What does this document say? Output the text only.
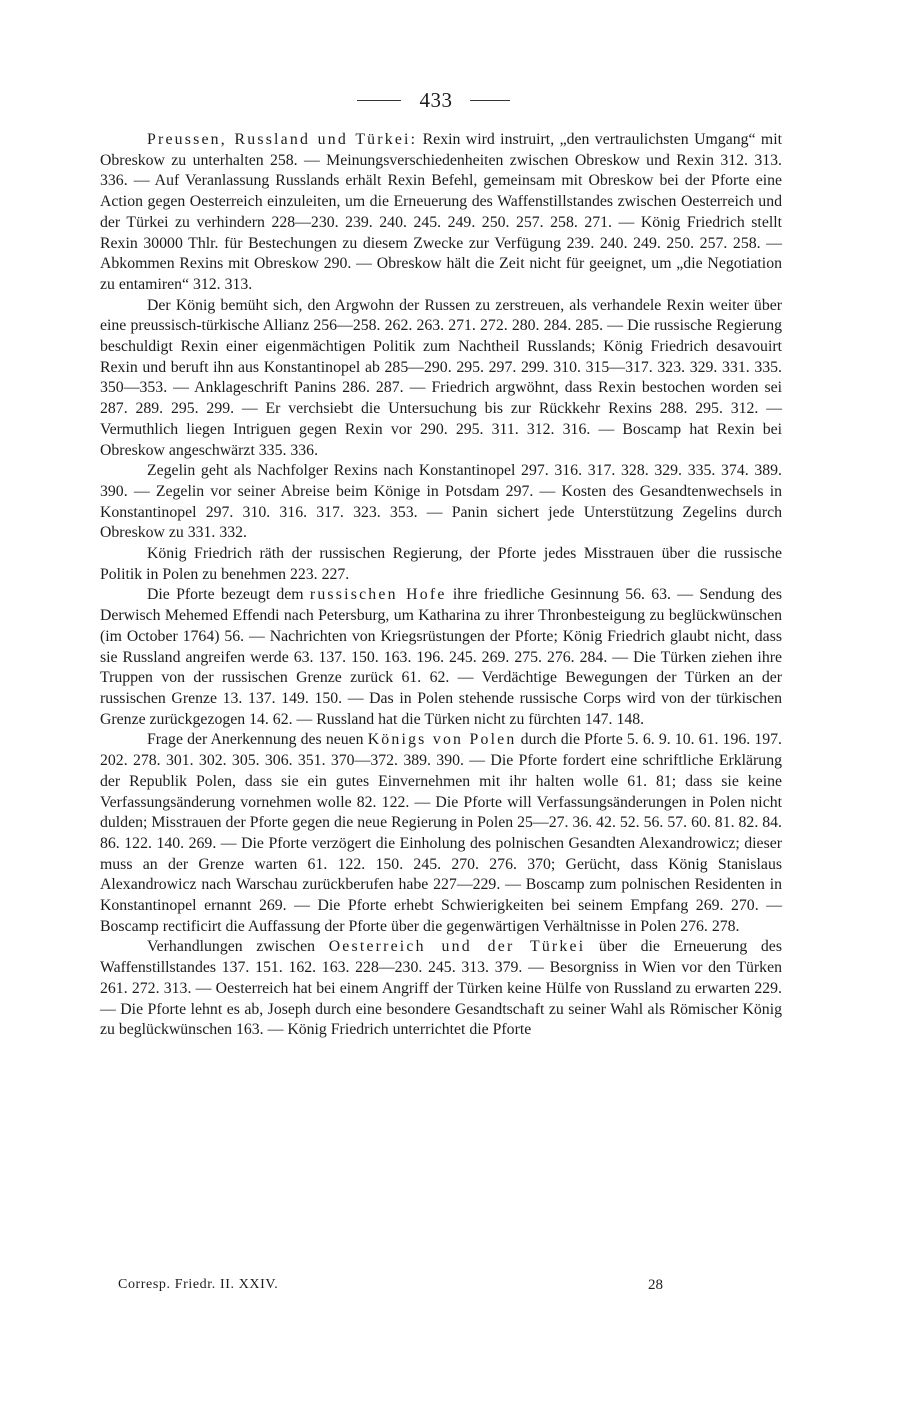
433

Preussen, Russland und Türkei: Rexin wird instruirt, „den vertraulichsten Umgang“ mit Obreskow zu unterhalten 258. — Meinungsverschiedenheiten zwischen Obreskow und Rexin 312. 313. 336. — Auf Veranlassung Russlands erhält Rexin Befehl, gemeinsam mit Obreskow bei der Pforte eine Action gegen Oesterreich einzuleiten, um die Erneuerung des Waffenstillstandes zwischen Oesterreich und der Türkei zu verhindern 228—230. 239. 240. 245. 249. 250. 257. 258. 271. — König Friedrich stellt Rexin 30000 Thlr. für Bestechungen zu diesem Zwecke zur Verfügung 239. 240. 249. 250. 257. 258. — Abkommen Rexins mit Obreskow 290. — Obreskow hält die Zeit nicht für geeignet, um „die Negotiation zu entamiren“ 312. 313.

Der König bemüht sich, den Argwohn der Russen zu zerstreuen, als verhandele Rexin weiter über eine preussisch-türkische Allianz 256—258. 262. 263. 271. 272. 280. 284. 285. — Die russische Regierung beschuldigt Rexin einer eigenmächtigen Politik zum Nachtheil Russlands; König Friedrich desavouirt Rexin und beruft ihn aus Konstantinopel ab 285—290. 295. 297. 299. 310. 315—317. 323. 329. 331. 335. 350—353. — Anklageschrift Panins 286. 287. — Friedrich argwöhnt, dass Rexin bestochen worden sei 287. 289. 295. 299. — Er verchsiebt die Untersuchung bis zur Rückkehr Rexins 288. 295. 312. — Vermuthlich liegen Intriguen gegen Rexin vor 290. 295. 311. 312. 316. — Boscamp hat Rexin bei Obreskow angeschwärzt 335. 336.

Zegelin geht als Nachfolger Rexins nach Konstantinopel 297. 316. 317. 328. 329. 335. 374. 389. 390. — Zegelin vor seiner Abreise beim Könige in Potsdam 297. — Kosten des Gesandtenwechsels in Konstantinopel 297. 310. 316. 317. 323. 353. — Panin sichert jede Unterstützung Zegelins durch Obreskow zu 331. 332.

König Friedrich räth der russischen Regierung, der Pforte jedes Misstrauen über die russische Politik in Polen zu benehmen 223. 227.

Die Pforte bezeugt dem russischen Hofe ihre friedliche Gesinnung 56. 63. — Sendung des Derwisch Mehemed Effendi nach Petersburg, um Katharina zu ihrer Thronbesteigung zu beglückwünschen (im October 1764) 56. — Nachrichten von Kriegsrüstungen der Pforte; König Friedrich glaubt nicht, dass sie Russland angreifen werde 63. 137. 150. 163. 196. 245. 269. 275. 276. 284. — Die Türken ziehen ihre Truppen von der russischen Grenze zurück 61. 62. — Verdächtige Bewegungen der Türken an der russischen Grenze 13. 137. 149. 150. — Das in Polen stehende russische Corps wird von der türkischen Grenze zurückgezogen 14. 62. — Russland hat die Türken nicht zu fürchten 147. 148.

Frage der Anerkennung des neuen Königs von Polen durch die Pforte 5. 6. 9. 10. 61. 196. 197. 202. 278. 301. 302. 305. 306. 351. 370—372. 389. 390. — Die Pforte fordert eine schriftliche Erklärung der Republik Polen, dass sie ein gutes Einvernehmen mit ihr halten wolle 61. 81; dass sie keine Verfassungsänderung vornehmen wolle 82. 122. — Die Pforte will Verfassungsänderungen in Polen nicht dulden; Misstrauen der Pforte gegen die neue Regierung in Polen 25—27. 36. 42. 52. 56. 57. 60. 81. 82. 84. 86. 122. 140. 269. — Die Pforte verzögert die Einholung des polnischen Gesandten Alexandrowicz; dieser muss an der Grenze warten 61. 122. 150. 245. 270. 276. 370; Gerücht, dass König Stanislaus Alexandrowicz nach Warschau zurückberufen habe 227—229. — Boscamp zum polnischen Residenten in Konstantinopel ernannt 269. — Die Pforte erhebt Schwierigkeiten bei seinem Empfang 269. 270. — Boscamp rectificirt die Auffassung der Pforte über die gegenwärtigen Verhältnisse in Polen 276. 278.

Verhandlungen zwischen Oesterreich und der Türkei über die Erneuerung des Waffenstillstandes 137. 151. 162. 163. 228—230. 245. 313. 379. — Besorgniss in Wien vor den Türken 261. 272. 313. — Oesterreich hat bei einem Angriff der Türken keine Hülfe von Russland zu erwarten 229. — Die Pforte lehnt es ab, Joseph durch eine besondere Gesandtschaft zu seiner Wahl als Römischer König zu beglückwünschen 163. — König Friedrich unterrichtet die Pforte

Corresp. Friedr. II. XXIV.	28
